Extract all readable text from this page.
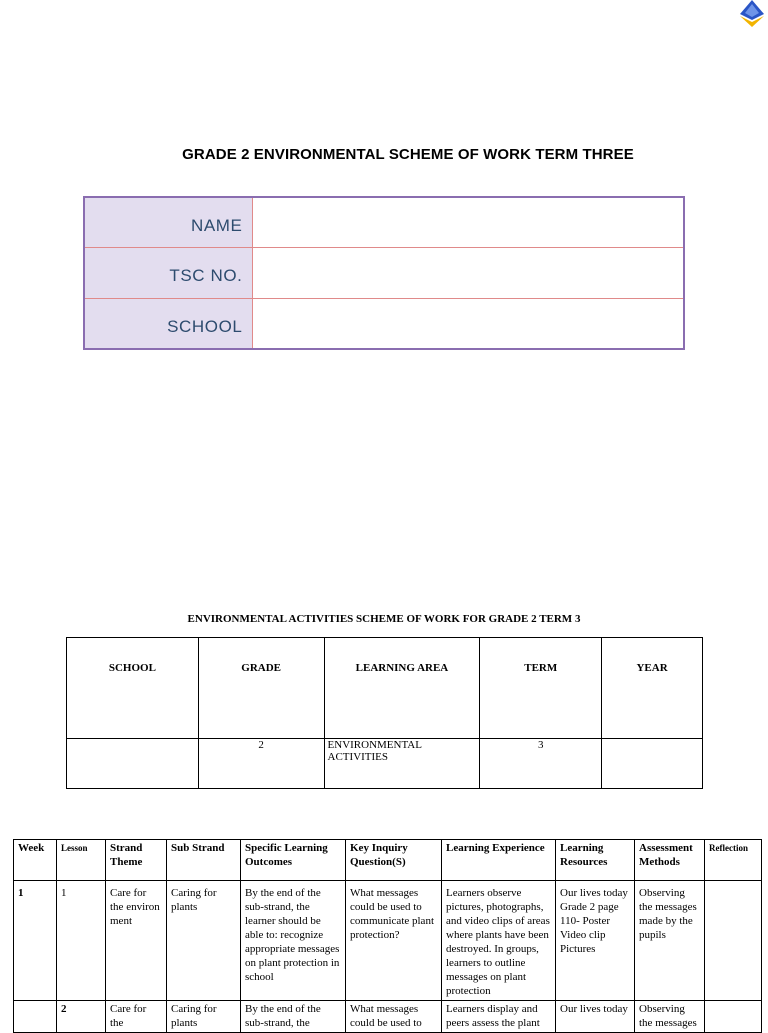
GRADE 2 ENVIRONMENTAL SCHEME OF WORK TERM THREE
NAME	
TSC NO.	
SCHOOL	
ENVIRONMENTAL ACTIVITIES SCHEME OF WORK FOR GRADE 2 TERM 3
SCHOOL	GRADE	LEARNING AREA	TERM	YEAR
	2	ENVIRONMENTAL ACTIVITIES	3	
Week	Lesson	Strand Theme	Sub Strand	Specific Learning Outcomes	Key Inquiry Question(S)	Learning Experience	Learning Resources	Assessment Methods	Reflection
1	1	Care for the environ ment	Caring for plants	By the end of the sub-strand, the learner should be able to: recognize appropriate messages on plant protection in school	What messages could be used to communicate plant protection?	Learners observe pictures, photographs, and video clips of areas where plants have been destroyed. In groups, learners to outline messages on plant protection	Our lives today Grade 2 page 110- Poster Video clip Pictures	Observing the messages made by the pupils	
	2	Care for the	Caring for plants	By the end of the sub-strand, the	What messages could be used to	Learners display and peers assess the plant	Our lives today	Observing the messages	
